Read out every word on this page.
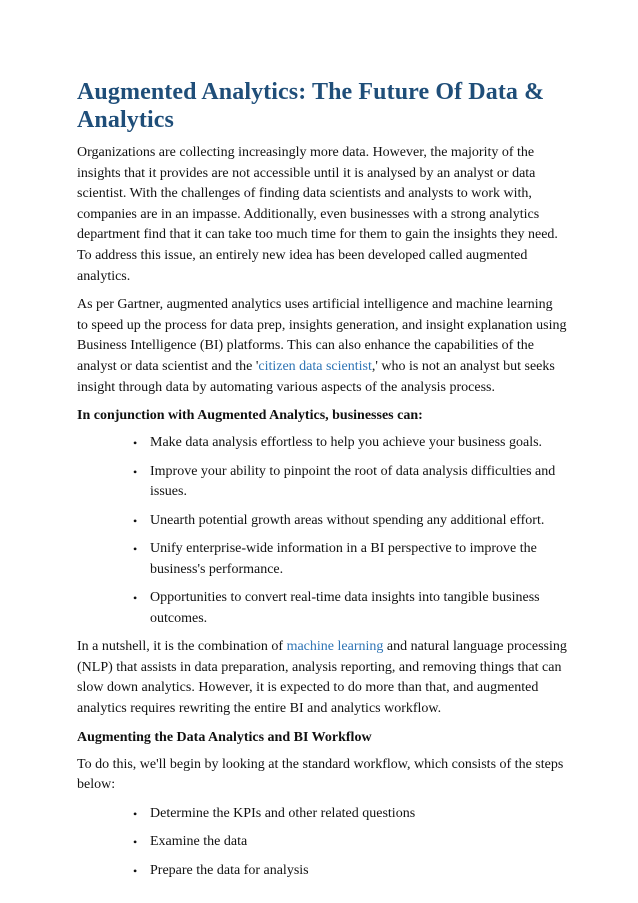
Augmented Analytics: The Future Of Data & Analytics

Organizations are collecting increasingly more data. However, the majority of the insights that it provides are not accessible until it is analysed by an analyst or data scientist. With the challenges of finding data scientists and analysts to work with, companies are in an impasse. Additionally, even businesses with a strong analytics department find that it can take too much time for them to gain the insights they need. To address this issue, an entirely new idea has been developed called augmented analytics.

As per Gartner, augmented analytics uses artificial intelligence and machine learning to speed up the process for data prep, insights generation, and insight explanation using Business Intelligence (BI) platforms. This can also enhance the capabilities of the analyst or data scientist and the 'citizen data scientist,' who is not an analyst but seeks insight through data by automating various aspects of the analysis process.

In conjunction with Augmented Analytics, businesses can:
• Make data analysis effortless to help you achieve your business goals.
• Improve your ability to pinpoint the root of data analysis difficulties and issues.
• Unearth potential growth areas without spending any additional effort.
• Unify enterprise-wide information in a BI perspective to improve the business's performance.
• Opportunities to convert real-time data insights into tangible business outcomes.

In a nutshell, it is the combination of machine learning and natural language processing (NLP) that assists in data preparation, analysis reporting, and removing things that can slow down analytics. However, it is expected to do more than that, and augmented analytics requires rewriting the entire BI and analytics workflow.

Augmenting the Data Analytics and BI Workflow

To do this, we'll begin by looking at the standard workflow, which consists of the steps below:

• Determine the KPIs and other related questions
• Examine the data
• Prepare the data for analysis
